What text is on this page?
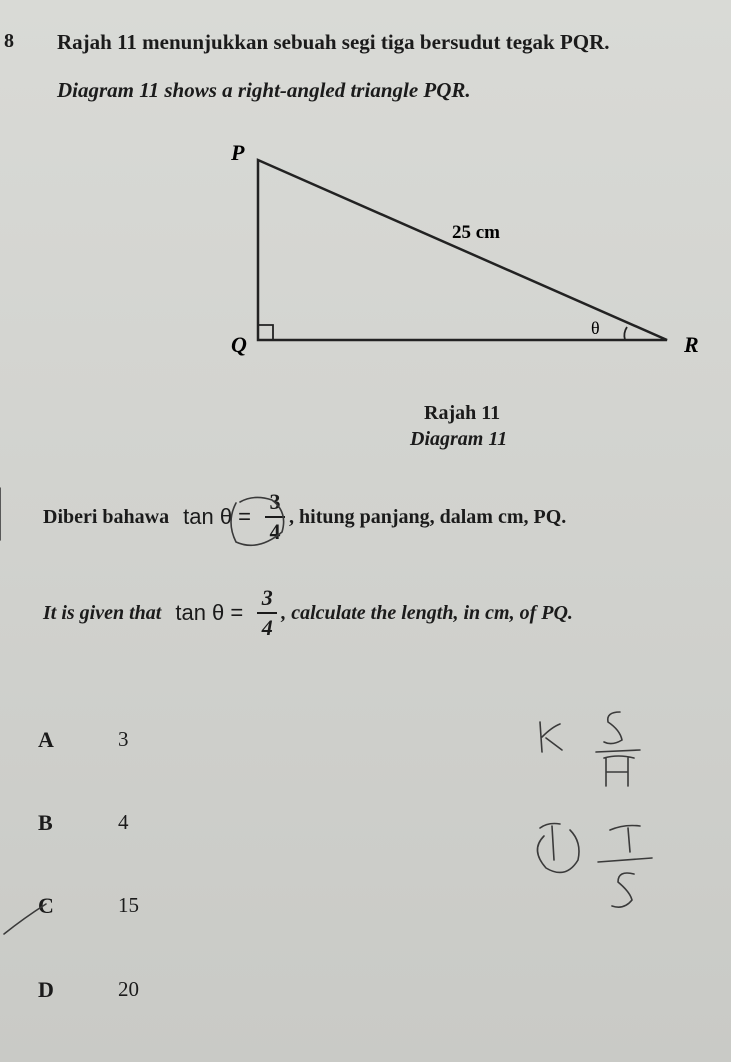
8 Rajah 11 menunjukkan sebuah segi tiga bersudut tegak PQR.
Diagram 11 shows a right-angled triangle PQR.
P
Q	R
25 cm
θ
Rajah 11
Diagram 11
Diberi bahawa $\tan \theta = \frac{3}{4}$ , hitung panjang, dalam cm, PQ.
It is given that $\tan \theta = \frac{3}{4}$ , calculate the length, in cm, of PQ.
A	3
B	4
C	15
D	20
